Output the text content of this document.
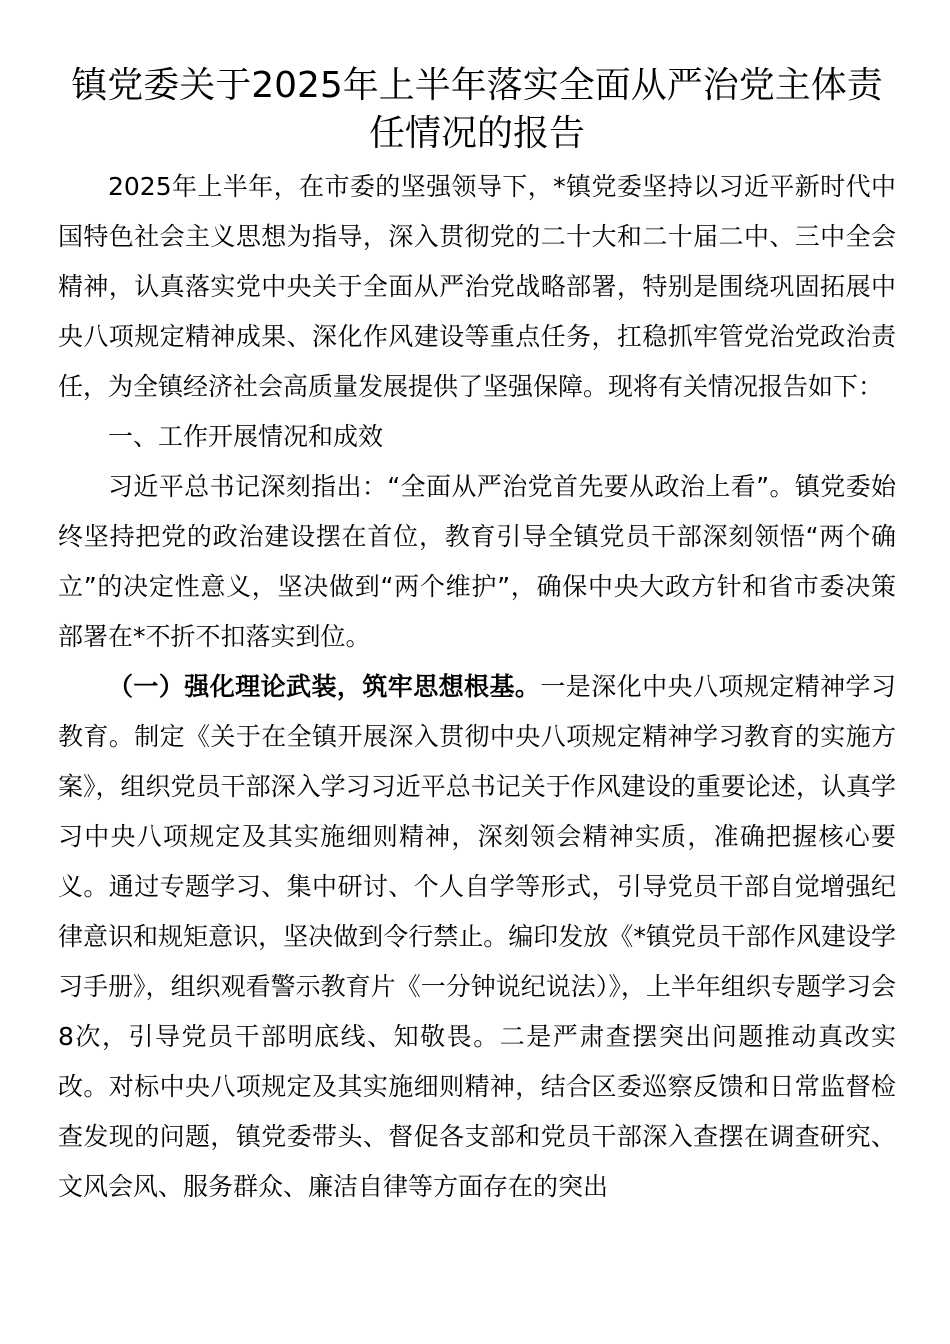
镇党委关于2025年上半年落实全面从严治党主体责任情况的报告

2025年上半年，在市委的坚强领导下，*镇党委坚持以习近平新时代中国特色社会主义思想为指导，深入贯彻党的二十大和二十届二中、三中全会精神，认真落实党中央关于全面从严治党战略部署，特别是围绕巩固拓展中央八项规定精神成果、深化作风建设等重点任务，扛稳抓牢管党治党政治责任，为全镇经济社会高质量发展提供了坚强保障。现将有关情况报告如下：

一、工作开展情况和成效

习近平总书记深刻指出：“全面从严治党首先要从政治上看”。镇党委始终坚持把党的政治建设摆在首位，教育引导全镇党员干部深刻领悟“两个确立”的决定性意义，坚决做到“两个维护”，确保中央大政方针和省市委决策部署在*不折不扣落实到位。

（一）强化理论武装，筑牢思想根基。一是深化中央八项规定精神学习教育。制定《关于在全镇开展深入贯彻中央八项规定精神学习教育的实施方案》，组织党员干部深入学习习近平总书记关于作风建设的重要论述，认真学习中央八项规定及其实施细则精神，深刻领会精神实质，准确把握核心要义。通过专题学习、集中研讨、个人自学等形式，引导党员干部自觉增强纪律意识和规矩意识，坚决做到令行禁止。编印发放《*镇党员干部作风建设学习手册》，组织观看警示教育片《一分钟说纪说法）》，上半年组织专题学习会8次，引导党员干部明底线、知敬畏。二是严肃查摆突出问题推动真改实改。对标中央八项规定及其实施细则精神，结合区委巡察反馈和日常监督检查发现的问题，镇党委带头、督促各支部和党员干部深入查摆在调查研究、文风会风、服务群众、廉洁自律等方面存在的突出
